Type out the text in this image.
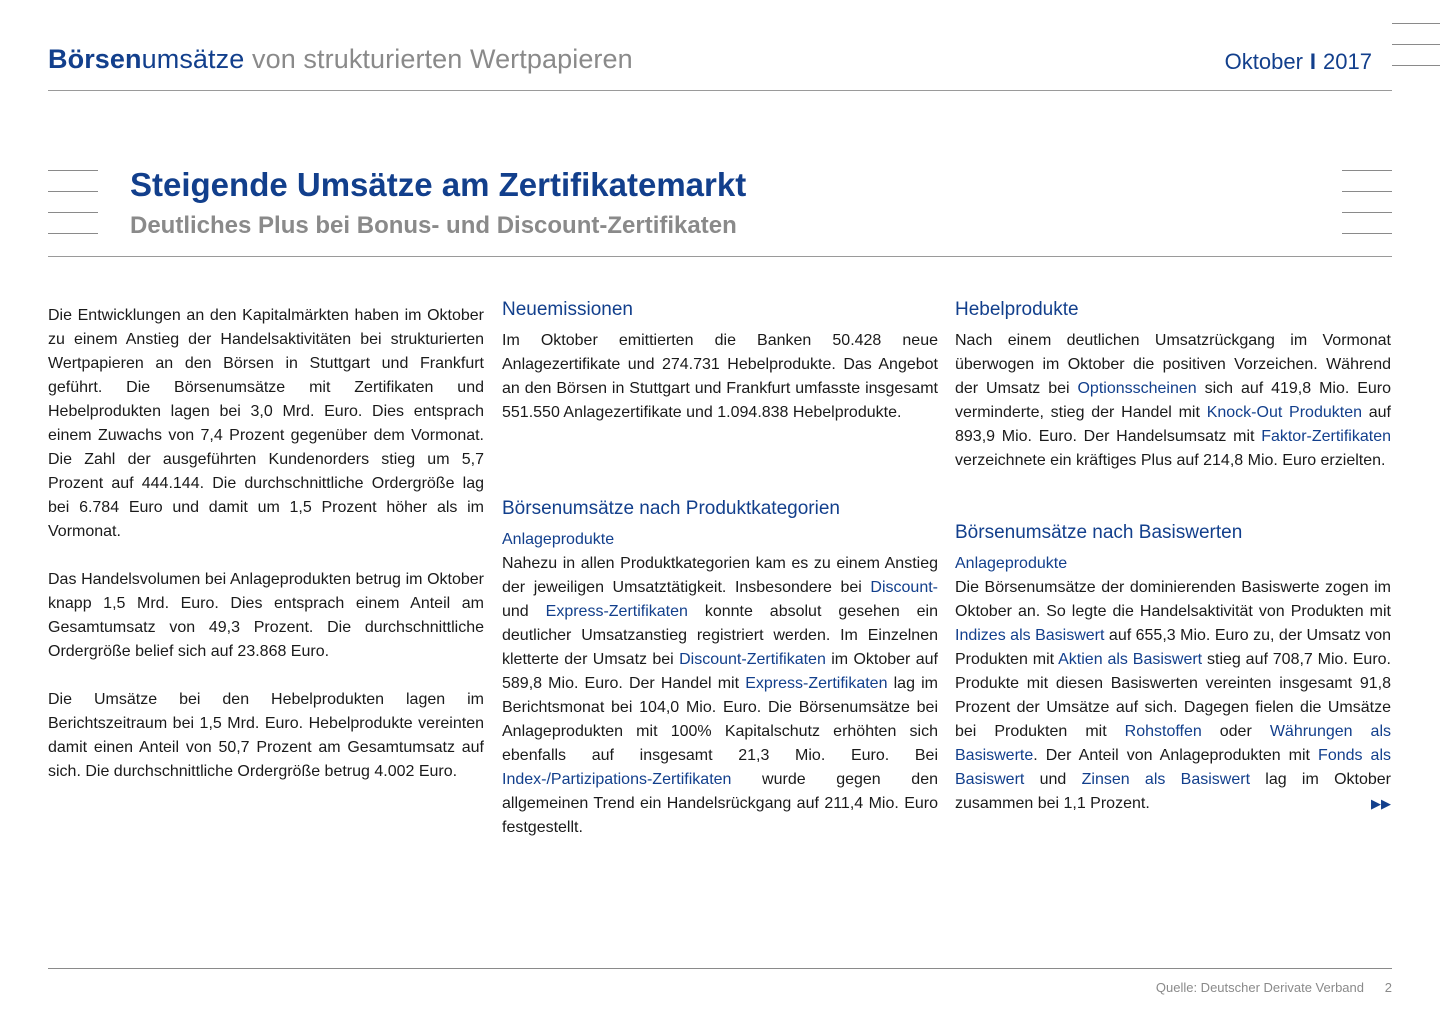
Börsenumsätze von strukturierten Wertpapieren	Oktober I 2017
Steigende Umsätze am Zertifikatemarkt
Deutliches Plus bei Bonus- und Discount-Zertifikaten

Die Entwicklungen an den Kapitalmärkten haben im Oktober zu einem Anstieg der Handelsaktivitäten bei strukturierten Wertpapieren an den Börsen in Stuttgart und Frankfurt geführt. Die Börsenumsätze mit Zertifikaten und Hebelprodukten lagen bei 3,0 Mrd. Euro. Dies entsprach einem Zuwachs von 7,4 Prozent gegenüber dem Vormonat. Die Zahl der ausgeführten Kundenorders stieg um 5,7 Prozent auf 444.144. Die durchschnittliche Ordergröße lag bei 6.784 Euro und damit um 1,5 Prozent höher als im Vormonat.

Das Handelsvolumen bei Anlageprodukten betrug im Oktober knapp 1,5 Mrd. Euro. Dies entsprach einem Anteil am Gesamtumsatz von 49,3 Prozent. Die durchschnittliche Ordergröße belief sich auf 23.868 Euro.

Die Umsätze bei den Hebelprodukten lagen im Berichtszeitraum bei 1,5 Mrd. Euro. Hebelprodukte vereinten damit einen Anteil von 50,7 Prozent am Gesamtumsatz auf sich. Die durchschnittliche Ordergröße betrug 4.002 Euro.

Neuemissionen

Im Oktober emittierten die Banken 50.428 neue Anlagezertifikate und 274.731 Hebelprodukte. Das Angebot an den Börsen in Stuttgart und Frankfurt umfasste insgesamt 551.550 Anlagezertifikate und 1.094.838 Hebelprodukte.

Börsenumsätze nach Produktkategorien
Anlageprodukte

Nahezu in allen Produktkategorien kam es zu einem Anstieg der jeweiligen Umsatztätigkeit. Insbesondere bei Discount- und Express-Zertifikaten konnte absolut gesehen ein deutlicher Umsatzanstieg registriert werden. Im Einzelnen kletterte der Umsatz bei Discount-Zertifikaten im Oktober auf 589,8 Mio. Euro. Der Handel mit Express-Zertifikaten lag im Berichtsmonat bei 104,0 Mio. Euro. Die Börsenumsätze bei Anlageprodukten mit 100% Kapitalschutz erhöhten sich ebenfalls auf insgesamt 21,3 Mio. Euro. Bei Index-/Partizipations-Zertifikaten wurde gegen den allgemeinen Trend ein Handelsrückgang auf 211,4 Mio. Euro festgestellt.

Hebelprodukte

Nach einem deutlichen Umsatzrückgang im Vormonat überwogen im Oktober die positiven Vorzeichen. Während der Umsatz bei Optionsscheinen sich auf 419,8 Mio. Euro verminderte, stieg der Handel mit Knock-Out Produkten auf 893,9 Mio. Euro. Der Handelsumsatz mit Faktor-Zertifikaten verzeichnete ein kräftiges Plus auf 214,8 Mio. Euro erzielten.

Börsenumsätze nach Basiswerten
Anlageprodukte

Die Börsenumsätze der dominierenden Basiswerte zogen im Oktober an. So legte die Handelsaktivität von Produkten mit Indizes als Basiswert auf 655,3 Mio. Euro zu, der Umsatz von Produkten mit Aktien als Basiswert stieg auf 708,7 Mio. Euro. Produkte mit diesen Basiswerten vereinten insgesamt 91,8 Prozent der Umsätze auf sich. Dagegen fielen die Umsätze bei Produkten mit Rohstoffen oder Währungen als Basiswerte. Der Anteil von Anlageprodukten mit Fonds als Basiswert und Zinsen als Basiswert lag im Oktober zusammen bei 1,1 Prozent.	▶▶

Quelle: Deutscher Derivate Verband 2
